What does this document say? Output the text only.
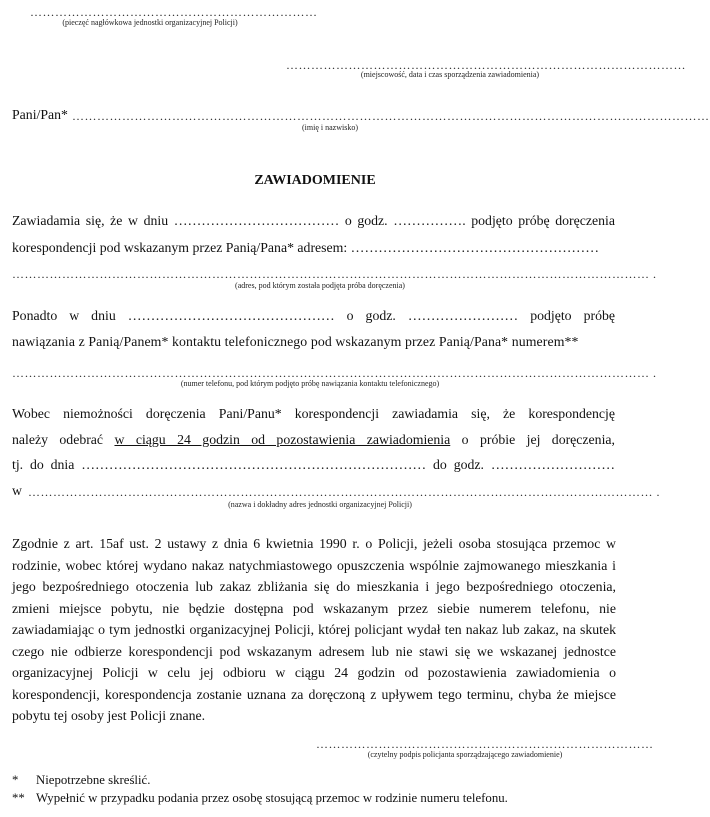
……………………………………………………………
(pieczęć nagłówkowa jednostki organizacyjnej Policji)
……………………………………………………………………………………
(miejscowość, data i czas sporządzenia zawiadomienia)
Pani/Pan* ………………………………………………………………………………………………………………………………………
(imię i nazwisko)
ZAWIADOMIENIE
Zawiadamia się, że w dniu ……………………………… o godz. ……………. podjęto próbę doręczenia
korespondencji pod wskazanym przez Panią/Pana* adresem: ………………………………………………
……………………………………………………………………………………………………………………………………… .
(adres, pod którym została podjęta próba doręczenia)
Ponadto w dniu ……………………………………… o godz. …………………… podjęto próbę
nawiązania z Panią/Panem* kontaktu telefonicznego pod wskazanym przez Panią/Pana* numerem**
……………………………………………………………………………………………………………………………………… .
(numer telefonu, pod którym podjęto próbę nawiązania kontaktu telefonicznego)
Wobec niemożności doręczenia Pani/Panu* korespondencji zawiadamia się, że korespondencję
należy odebrać w ciągu 24 godzin od pozostawienia zawiadomienia o próbie jej doręczenia,
tj. do dnia ………………………………………………………………… do godz. ………………………
w …………………………………………………………………………………………………………………………………… .
(nazwa i dokładny adres jednostki organizacyjnej Policji)
Zgodnie z art. 15af ust. 2 ustawy z dnia 6 kwietnia 1990 r. o Policji, jeżeli osoba stosująca przemoc w rodzinie, wobec której wydano nakaz natychmiastowego opuszczenia wspólnie zajmowanego mieszkania i jego bezpośredniego otoczenia lub zakaz zbliżania się do mieszkania i jego bezpośredniego otoczenia, zmieni miejsce pobytu, nie będzie dostępna pod wskazanym przez siebie numerem telefonu, nie zawiadamiając o tym jednostki organizacyjnej Policji, której policjant wydał ten nakaz lub zakaz, na skutek czego nie odbierze korespondencji pod wskazanym adresem lub nie stawi się we wskazanej jednostce organizacyjnej Policji w celu jej odbioru w ciągu 24 godzin od pozostawienia zawiadomienia o korespondencji, korespondencja zostanie uznana za doręczoną z upływem tego terminu, chyba że miejsce pobytu tej osoby jest Policji znane.
………………………………………………………………………
(czytelny podpis policjanta sporządzającego zawiadomienie)
* Niepotrzebne skreślić.
** Wypełnić w przypadku podania przez osobę stosującą przemoc w rodzinie numeru telefonu.
